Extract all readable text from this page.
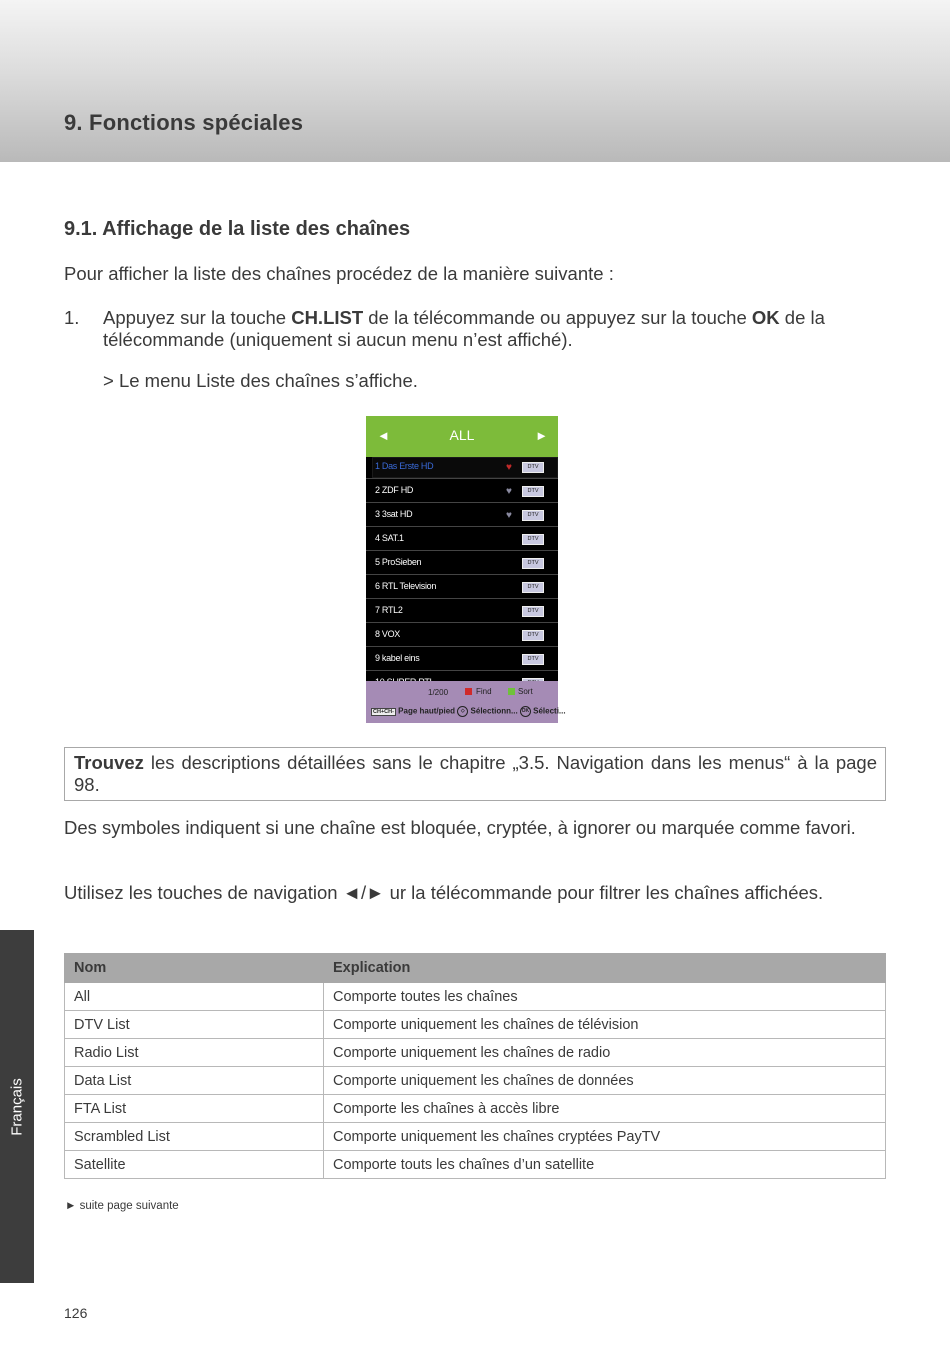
9. Fonctions spéciales
9.1. Affichage de la liste des chaînes
Pour afficher la liste des chaînes procédez de la manière suivante :
1. Appuyez sur la touche CH.LIST de la télécommande ou appuyez sur la touche OK de la télécommande (uniquement si aucun menu n’est affiché).
> Le menu Liste des chaînes s’affiche.
◄	ALL	►
1 Das Erste HD	♥	DTV
2 ZDF HD	♥	DTV
3 3sat HD	♥	DTV
4 SAT.1	DTV
5 ProSieben	DTV
6 RTL Television	DTV
7 RTL2	DTV
8 VOX	DTV
9 kabel eins	DTV
1/200	Find	Sort
CH+CH- Page haut/pied ◇ Sélectionn... OK Sélecti...
Trouvez les descriptions détaillées sans le chapitre „3.5. Navigation dans les menus“ à la page 98.
Des symboles indiquent si une chaîne est bloquée, cryptée, à ignorer ou marquée comme favori.
Utilisez les touches de navigation ◄/► ur la télécommande pour filtrer les chaînes affichées.
Nom	Explication
All	Comporte toutes les chaînes
DTV List	Comporte uniquement les chaînes de télévision
Radio List	Comporte uniquement les chaînes de radio
Data List	Comporte uniquement les chaînes de données
FTA List	Comporte les chaînes à accès libre
Scrambled List	Comporte uniquement les chaînes cryptées PayTV
Satellite	Comporte touts les chaînes d’un satellite
► suite page suivante
Français
126
